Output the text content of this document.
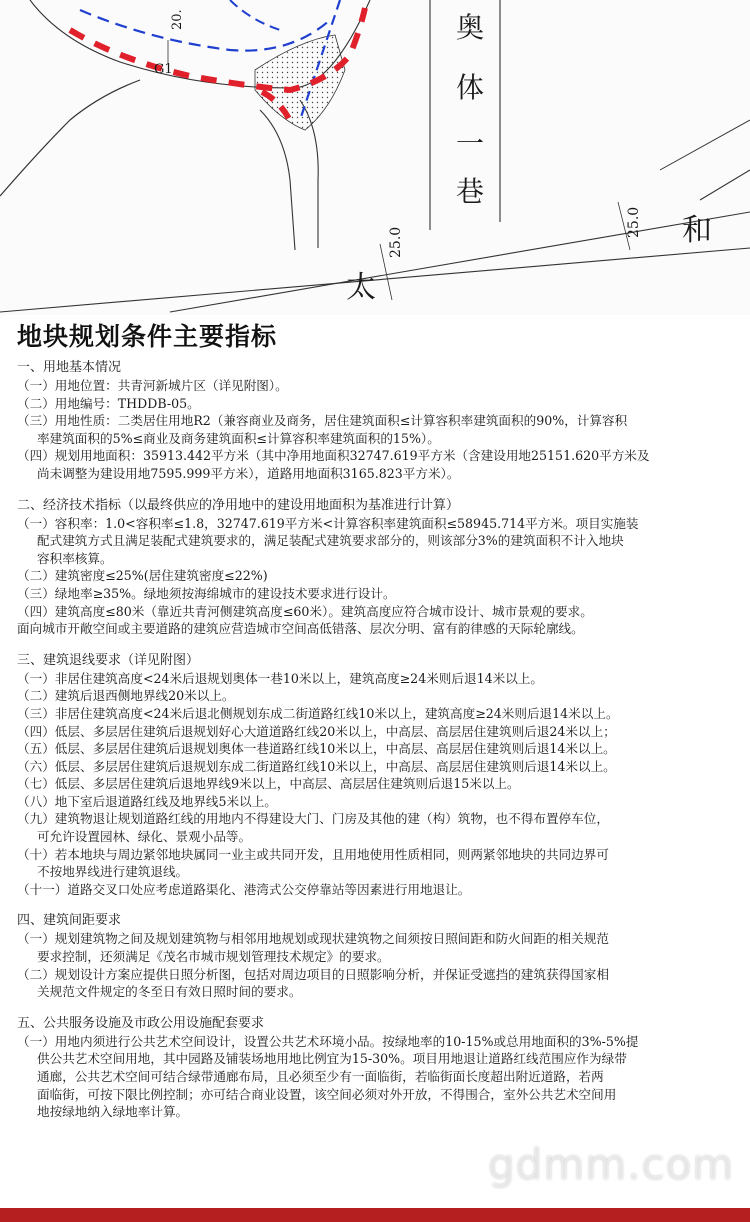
奥
体
一
巷
太
和
25.0
25.0
20.
G1
地块规划条件主要指标
一、用地基本情况
（一）用地位置：共青河新城片区（详见附图）。
（二）用地编号：THDDB-05。
（三）用地性质：二类居住用地R2（兼容商业及商务，居住建筑面积≤计算容积率建筑面积的90%，计算容积
率建筑面积的5%≤商业及商务建筑面积≤计算容积率建筑面积的15%）。
（四）规划用地面积：35913.442平方米（其中净用地面积32747.619平方米（含建设用地25151.620平方米及
尚未调整为建设用地7595.999平方米），道路用地面积3165.823平方米）。
二、经济技术指标（以最终供应的净用地中的建设用地面积为基准进行计算）
（一）容积率：1.0<容积率≤1.8，32747.619平方米<计算容积率建筑面积≤58945.714平方米。项目实施装
配式建筑方式且满足装配式建筑要求的，满足装配式建筑要求部分的，则该部分3%的建筑面积不计入地块
容积率核算。
（二）建筑密度≤25%(居住建筑密度≤22%)
（三）绿地率≥35%。绿地须按海绵城市的建设技术要求进行设计。
（四）建筑高度≤80米（靠近共青河侧建筑高度≤60米）。建筑高度应符合城市设计、城市景观的要求。
面向城市开敞空间或主要道路的建筑应营造城市空间高低错落、层次分明、富有韵律感的天际轮廓线。
三、建筑退线要求（详见附图）
（一）非居住建筑高度<24米后退规划奥体一巷10米以上，建筑高度≥24米则后退14米以上。
（二）建筑后退西侧地界线20米以上。
（三）非居住建筑高度<24米后退北侧规划东成二街道路红线10米以上，建筑高度≥24米则后退14米以上。
（四）低层、多层居住建筑后退规划好心大道道路红线20米以上，中高层、高层居住建筑则后退24米以上；
（五）低层、多层居住建筑后退规划奥体一巷道路红线10米以上，中高层、高层居住建筑则后退14米以上。
（六）低层、多层居住建筑后退规划东成二街道路红线10米以上，中高层、高层居住建筑则后退14米以上。
（七）低层、多层居住建筑后退地界线9米以上，中高层、高层居住建筑则后退15米以上。
（八）地下室后退道路红线及地界线5米以上。
（九）建筑物退让规划道路红线的用地内不得建设大门、门房及其他的建（构）筑物，也不得布置停车位，
可允许设置园林、绿化、景观小品等。
（十）若本地块与周边紧邻地块属同一业主或共同开发，且用地使用性质相同，则两紧邻地块的共同边界可
不按地界线进行建筑退线。
（十一）道路交叉口处应考虑道路渠化、港湾式公交停靠站等因素进行用地退让。
四、建筑间距要求
（一）规划建筑物之间及规划建筑物与相邻用地规划或现状建筑物之间须按日照间距和防火间距的相关规范
要求控制，还须满足《茂名市城市规划管理技术规定》的要求。
（二）规划设计方案应提供日照分析图，包括对周边项目的日照影响分析，并保证受遮挡的建筑获得国家相
关规范文件规定的冬至日有效日照时间的要求。
五、公共服务设施及市政公用设施配套要求
（一）用地内须进行公共艺术空间设计，设置公共艺术环境小品。按绿地率的10-15%或总用地面积的3%-5%提
供公共艺术空间用地，其中园路及铺装场地用地比例宜为15-30%。项目用地退让道路红线范围应作为绿带
通廊，公共艺术空间可结合绿带通廊布局，且必须至少有一面临街，若临街面长度超出附近道路，若两
面临街，可按下限比例控制；亦可结合商业设置，该空间必须对外开放，不得围合，室外公共艺术空间用
地按绿地纳入绿地率计算。
gdmm.com
